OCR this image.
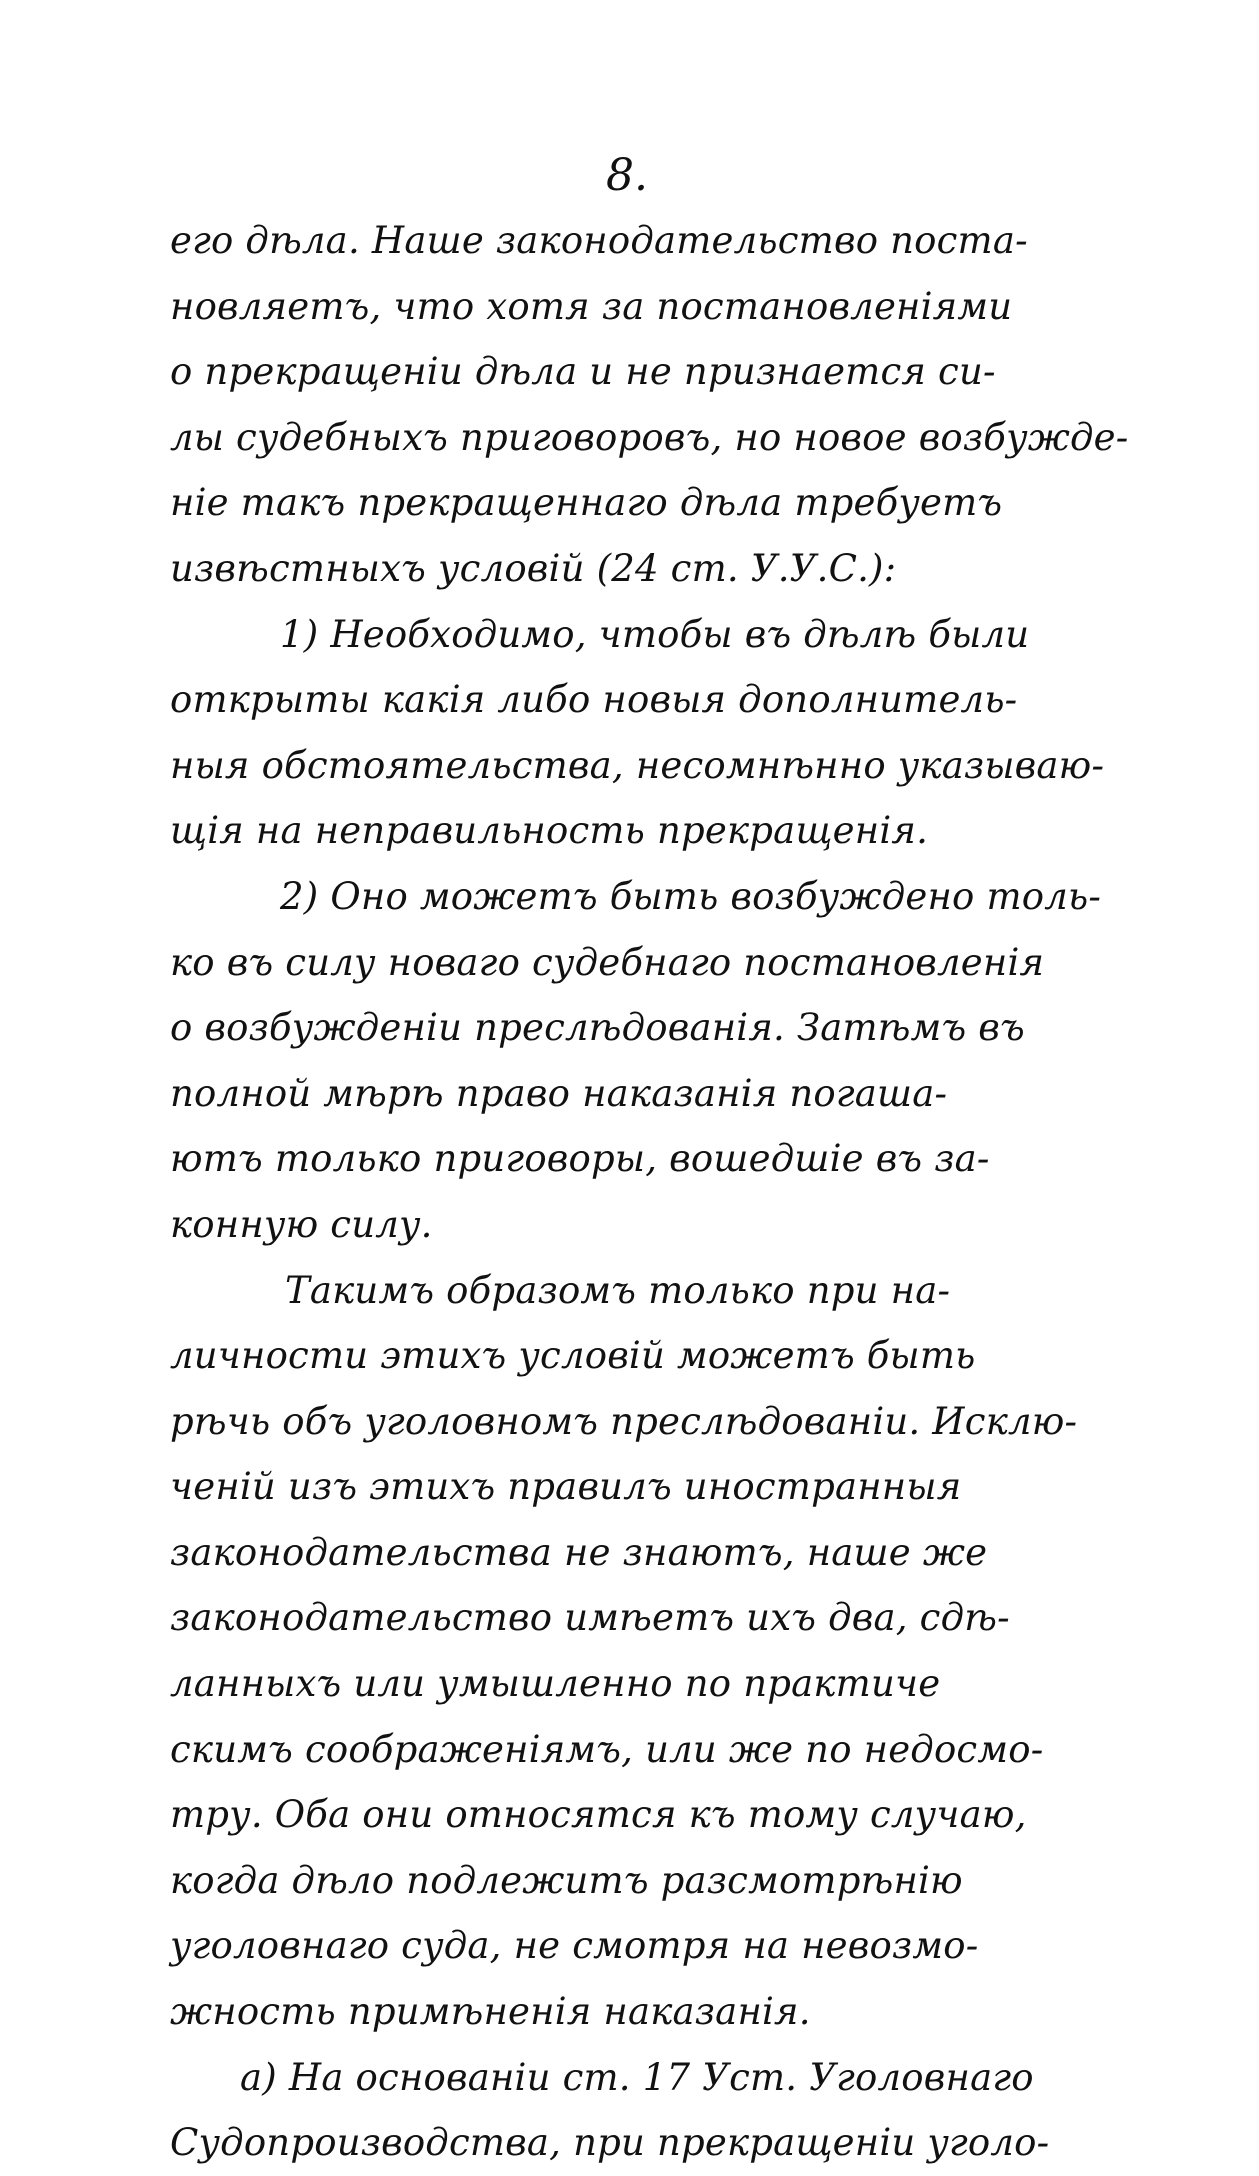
8.
его дѣла. Наше законодательство поста-
новляетъ, что хотя за постановленіями
о прекращеніи дѣла и не признается си-
лы судебныхъ приговоровъ, но новое возбужде-
ніе такъ прекращеннаго дѣла требуетъ
извѣстныхъ условій (24 ст. У.У.С.):
1) Необходимо, чтобы въ дѣлѣ были
открыты какія либо новыя дополнитель-
ныя обстоятельства, несомнѣнно указываю-
щія на неправильность прекращенія.
2) Оно можетъ быть возбуждено толь-
ко въ силу новаго судебнаго постановленія
о возбужденіи преслѣдованія. Затѣмъ въ
полной мѣрѣ право наказанія погаша-
ютъ только приговоры, вошедшіе въ за-
конную силу.
Такимъ образомъ только при на-
личности этихъ условій можетъ быть
рѣчь объ уголовномъ преслѣдованіи. Исклю-
ченій изъ этихъ правилъ иностранныя
законодательства не знаютъ, наше же
законодательство имѣетъ ихъ два, сдѣ-
ланныхъ или умышленно по практиче
скимъ соображеніямъ, или же по недосмо-
тру. Оба они относятся къ тому случаю,
когда дѣло подлежитъ разсмотрѣнію
уголовнаго суда, не смотря на невозмо-
жность примѣненія наказанія.
а) На основаніи ст. 17 Уст. Уголовнаго
Судопроизводства, при прекращеніи уголо-
